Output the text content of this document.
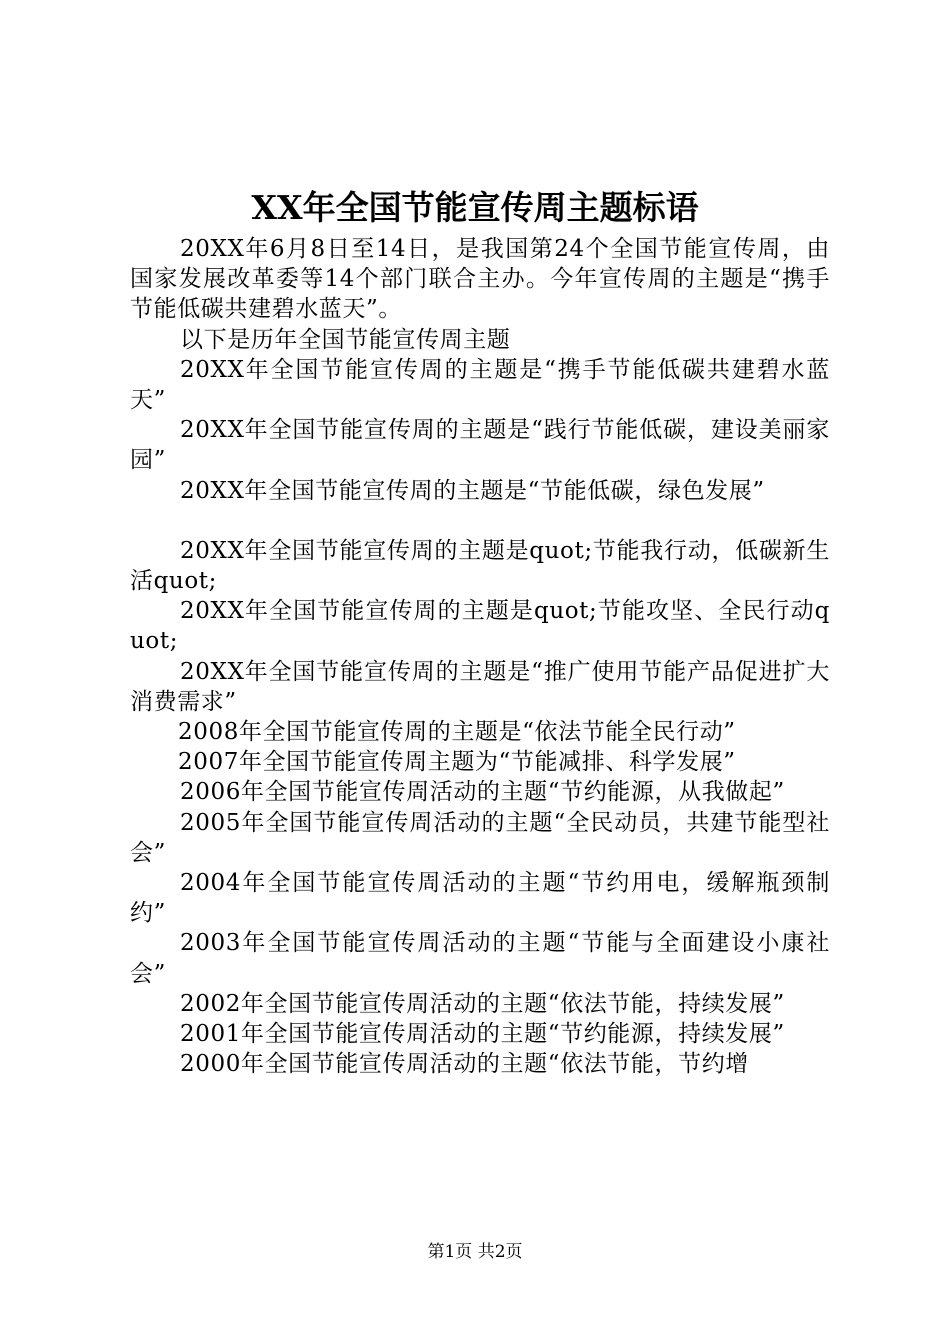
XX年全国节能宣传周主题标语

20XX年6月8日至14日，是我国第24个全国节能宣传周，由国家发展改革委等14个部门联合主办。今年宣传周的主题是“携手节能低碳共建碧水蓝天”。

以下是历年全国节能宣传周主题

20XX年全国节能宣传周的主题是“携手节能低碳共建碧水蓝天”

20XX年全国节能宣传周的主题是“践行节能低碳，建设美丽家园”

20XX年全国节能宣传周的主题是“节能低碳，绿色发展”

20XX年全国节能宣传周的主题是quot;节能我行动，低碳新生活quot;

20XX年全国节能宣传周的主题是quot;节能攻坚、全民行动quot;

20XX年全国节能宣传周的主题是“推广使用节能产品促进扩大消费需求”

2008年全国节能宣传周的主题是“依法节能全民行动”

2007年全国节能宣传周主题为“节能减排、科学发展”

2006年全国节能宣传周活动的主题“节约能源，从我做起”

2005年全国节能宣传周活动的主题“全民动员，共建节能型社会”

2004年全国节能宣传周活动的主题“节约用电，缓解瓶颈制约”

2003年全国节能宣传周活动的主题“节能与全面建设小康社会”

2002年全国节能宣传周活动的主题“依法节能，持续发展”

2001年全国节能宣传周活动的主题“节约能源，持续发展”

2000年全国节能宣传周活动的主题“依法节能，节约增

第1页 共2页
